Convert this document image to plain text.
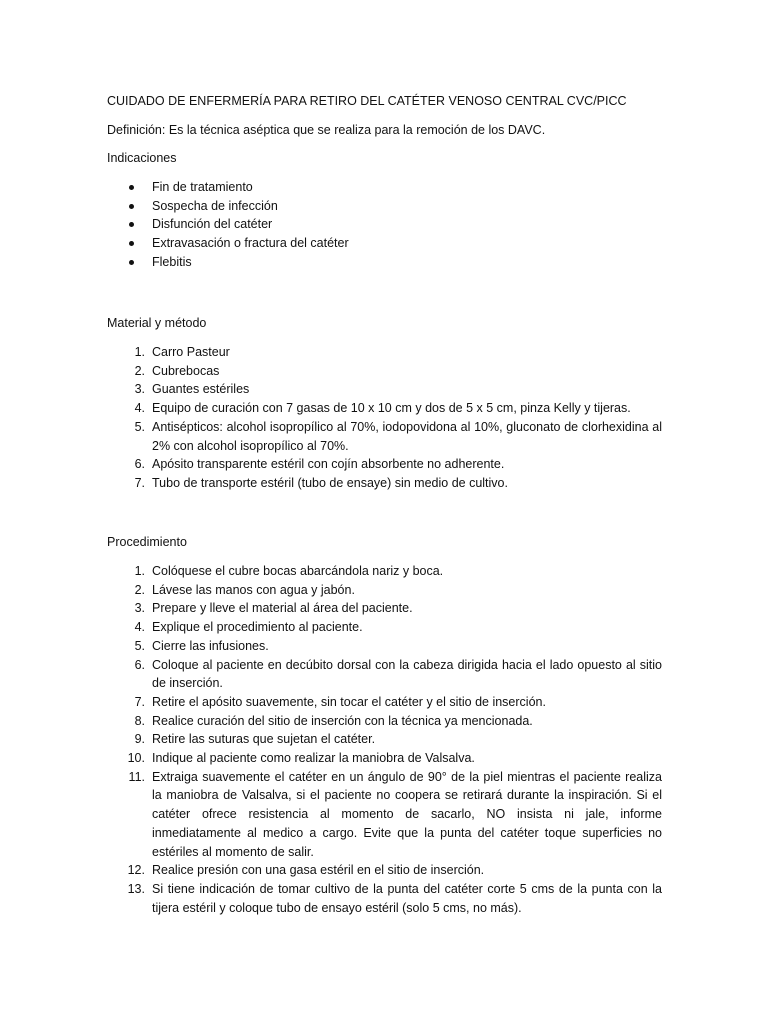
CUIDADO DE ENFERMERÍA PARA RETIRO DEL CATÉTER VENOSO CENTRAL CVC/PICC

Definición: Es la técnica aséptica que se realiza para la remoción de los DAVC.

Indicaciones

Fin de tratamiento
Sospecha de infección
Disfunción del catéter
Extravasación o fractura del catéter
Flebitis

Material y método

1. Carro Pasteur
2. Cubrebocas
3. Guantes estériles
4. Equipo de curación con 7 gasas de 10 x 10 cm y dos de 5 x 5 cm, pinza Kelly y tijeras.
5. Antisépticos: alcohol isopropílico al 70%, iodopovidona al 10%, gluconato de clorhexidina al 2% con alcohol isopropílico al 70%.
6. Apósito transparente estéril con cojín absorbente no adherente.
7. Tubo de transporte estéril (tubo de ensaye) sin medio de cultivo.

Procedimiento

1. Colóquese el cubre bocas abarcándola nariz y boca.
2. Lávese las manos con agua y jabón.
3. Prepare y lleve el material al área del paciente.
4. Explique el procedimiento al paciente.
5. Cierre las infusiones.
6. Coloque al paciente en decúbito dorsal con la cabeza dirigida hacia el lado opuesto al sitio de inserción.
7. Retire el apósito suavemente, sin tocar el catéter y el sitio de inserción.
8. Realice curación del sitio de inserción con la técnica ya mencionada.
9. Retire las suturas que sujetan el catéter.
10. Indique al paciente como realizar la maniobra de Valsalva.
11. Extraiga suavemente el catéter en un ángulo de 90° de la piel mientras el paciente realiza la maniobra de Valsalva, si el paciente no coopera se retirará durante la inspiración. Si el catéter ofrece resistencia al momento de sacarlo, NO insista ni jale, informe inmediatamente al medico a cargo. Evite que la punta del catéter toque superficies no estériles al momento de salir.
12. Realice presión con una gasa estéril en el sitio de inserción.
13. Si tiene indicación de tomar cultivo de la punta del catéter corte 5 cms de la punta con la tijera estéril y coloque tubo de ensayo estéril (solo 5 cms, no más).
